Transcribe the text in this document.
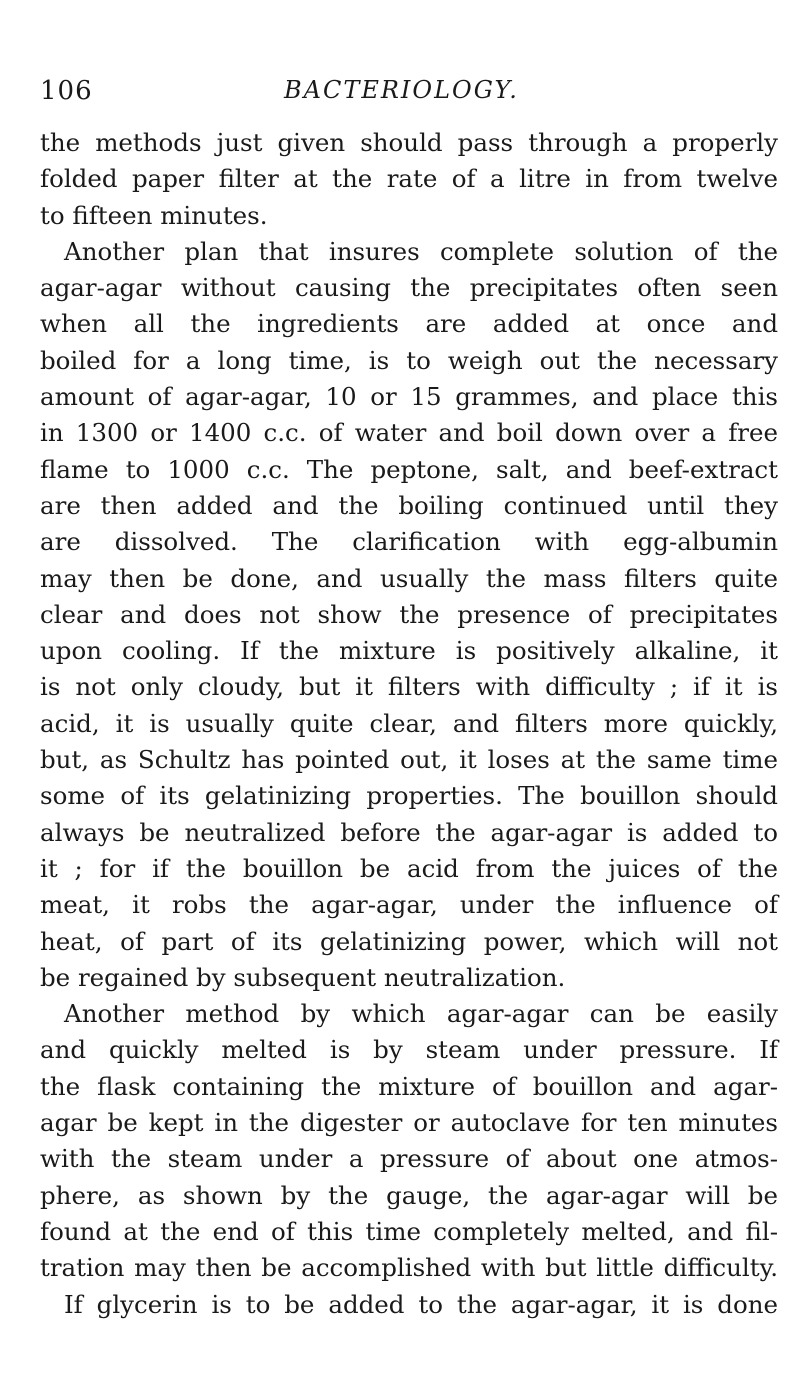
106	BACTERIOLOGY.
the methods just given should pass through a properly
folded paper filter at the rate of a litre in from twelve
to fifteen minutes.
Another plan that insures complete solution of the
agar-agar without causing the precipitates often seen
when all the ingredients are added at once and
boiled for a long time, is to weigh out the necessary
amount of agar-agar, 10 or 15 grammes, and place this
in 1300 or 1400 c.c. of water and boil down over a free
flame to 1000 c.c. The peptone, salt, and beef-extract
are then added and the boiling continued until they
are dissolved. The clarification with egg-albumin
may then be done, and usually the mass filters quite
clear and does not show the presence of precipitates
upon cooling. If the mixture is positively alkaline, it
is not only cloudy, but it filters with difficulty ; if it is
acid, it is usually quite clear, and filters more quickly,
but, as Schultz has pointed out, it loses at the same time
some of its gelatinizing properties. The bouillon should
always be neutralized before the agar-agar is added to
it ; for if the bouillon be acid from the juices of the
meat, it robs the agar-agar, under the influence of
heat, of part of its gelatinizing power, which will not
be regained by subsequent neutralization.
Another method by which agar-agar can be easily
and quickly melted is by steam under pressure. If
the flask containing the mixture of bouillon and agar-
agar be kept in the digester or autoclave for ten minutes
with the steam under a pressure of about one atmos-
phere, as shown by the gauge, the agar-agar will be
found at the end of this time completely melted, and fil-
tration may then be accomplished with but little difficulty.
If glycerin is to be added to the agar-agar, it is done
